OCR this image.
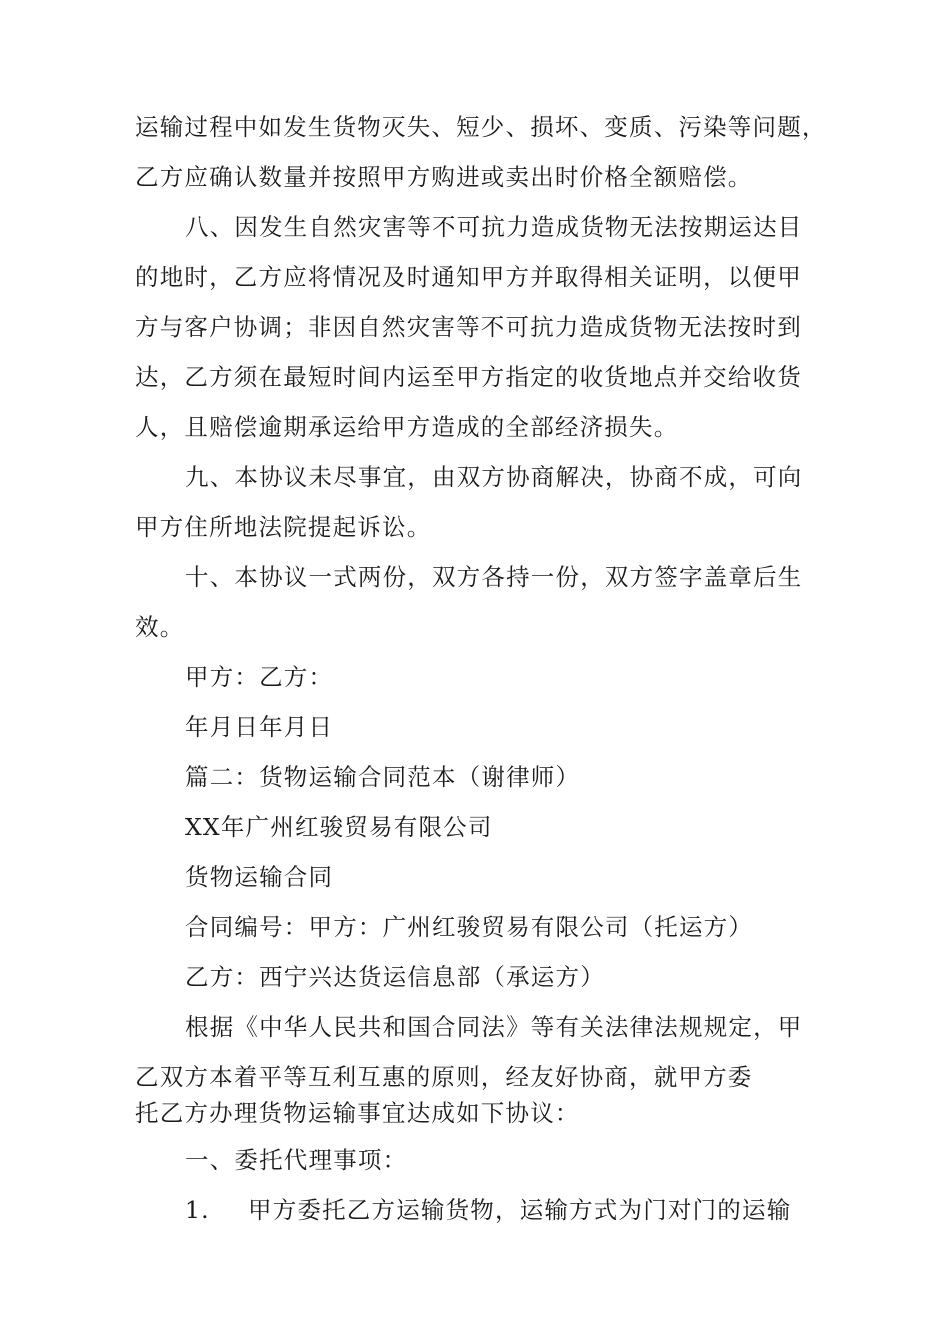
运输过程中如发生货物灭失、短少、损坏、变质、污染等问题，
乙方应确认数量并按照甲方购进或卖出时价格全额赔偿。
八、因发生自然灾害等不可抗力造成货物无法按期运达目
的地时，乙方应将情况及时通知甲方并取得相关证明，以便甲
方与客户协调；非因自然灾害等不可抗力造成货物无法按时到
达，乙方须在最短时间内运至甲方指定的收货地点并交给收货
人，且赔偿逾期承运给甲方造成的全部经济损失。
九、本协议未尽事宜，由双方协商解决，协商不成，可向
甲方住所地法院提起诉讼。
十、本协议一式两份，双方各持一份，双方签字盖章后生
效。
甲方：乙方：
年月日年月日
篇二：货物运输合同范本（谢律师）
XX年广州红骏贸易有限公司
货物运输合同
合同编号：甲方：广州红骏贸易有限公司（托运方）
乙方：西宁兴达货运信息部（承运方）
根据《中华人民共和国合同法》等有关法律法规规定，甲
乙双方本着平等互利互惠的原则，经友好协商，就甲方委
托乙方办理货物运输事宜达成如下协议：
一、委托代理事项：
1. 甲方委托乙方运输货物，运输方式为门对门的运输
